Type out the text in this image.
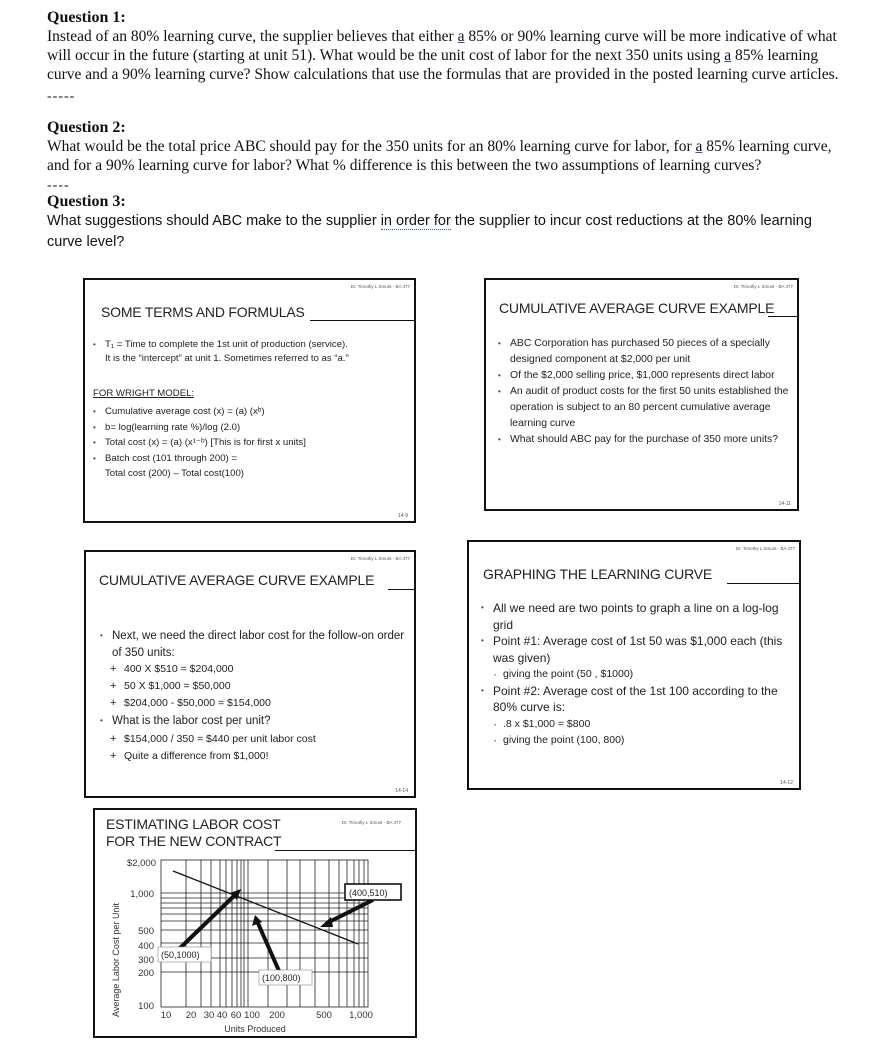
Question 1:

Instead of an 80% learning curve, the supplier believes that either a 85% or 90% learning curve will be more indicative of what will occur in the future (starting at unit 51). What would be the unit cost of labor for the next 350 units using a 85% learning curve and a 90% learning curve? Show calculations that use the formulas that are provided in the posted learning curve articles.

-----
Question 2:

What would be the total price ABC should pay for the 350 units for an 80% learning curve for labor, for a 85% learning curve, and for a 90% learning curve for labor? What % difference is this between the two assumptions of learning curves?

----
Question 3:

What suggestions should ABC make to the supplier in order for the supplier to incur cost reductions at the 80% learning curve level?

Dr. Timothy L Smunt - BA 477
SOME TERMS AND FORMULAS
• T₁ = Time to complete the 1st unit of production (service).
It is the “intercept” at unit 1. Sometimes referred to as “a.”
FOR WRIGHT MODEL:
• Cumulative average cost (x) = (a) (xᵇ)
• b= log(learning rate %)/log (2.0)
• Total cost (x) = (a) (x¹⁻ᵇ) [This is for first x units]
• Batch cost (101 through 200) =
Total cost (200) – Total cost(100)
14-9
Dr. Timothy L Smunt - BA 477
CUMULATIVE AVERAGE CURVE EXAMPLE
• ABC Corporation has purchased 50 pieces of a specially designed component at $2,000 per unit
• Of the $2,000 selling price, $1,000 represents direct labor
• An audit of product costs for the first 50 units established the operation is subject to an 80 percent cumulative average learning curve
• What should ABC pay for the purchase of 350 more units?
14-11
Dr. Timothy L Smunt - BA 477
CUMULATIVE AVERAGE CURVE EXAMPLE
• Next, we need the direct labor cost for the follow-on order of 350 units:
+ 400 X $510 = $204,000
+ 50 X $1,000 = $50,000
+ $204,000 - $50,000 = $154,000
• What is the labor cost per unit?
+ $154,000 / 350 = $440 per unit labor cost
+ Quite a difference from $1,000!
14-14
Dr. Timothy L Smunt - BA 477
GRAPHING THE LEARNING CURVE
• All we need are two points to graph a line on a log-log grid
• Point #1: Average cost of 1st 50 was $1,000 each (this was given)
· giving the point (50 , $1000)
• Point #2: Average cost of the 1st 100 according to the 80% curve is:
· .8 x $1,000 = $800
· giving the point (100, 800)
14-12
Dr. Timothy L Smunt - BA 477
ESTIMATING LABOR COST
FOR THE NEW CONTRACT
Average Labor Cost per Unit
$2,000
1,000
500
400
300
200
100
10 20 30 40 60 100 200	500 1,000
Units Produced
(50,1000)
(100,800)
(400,510)
